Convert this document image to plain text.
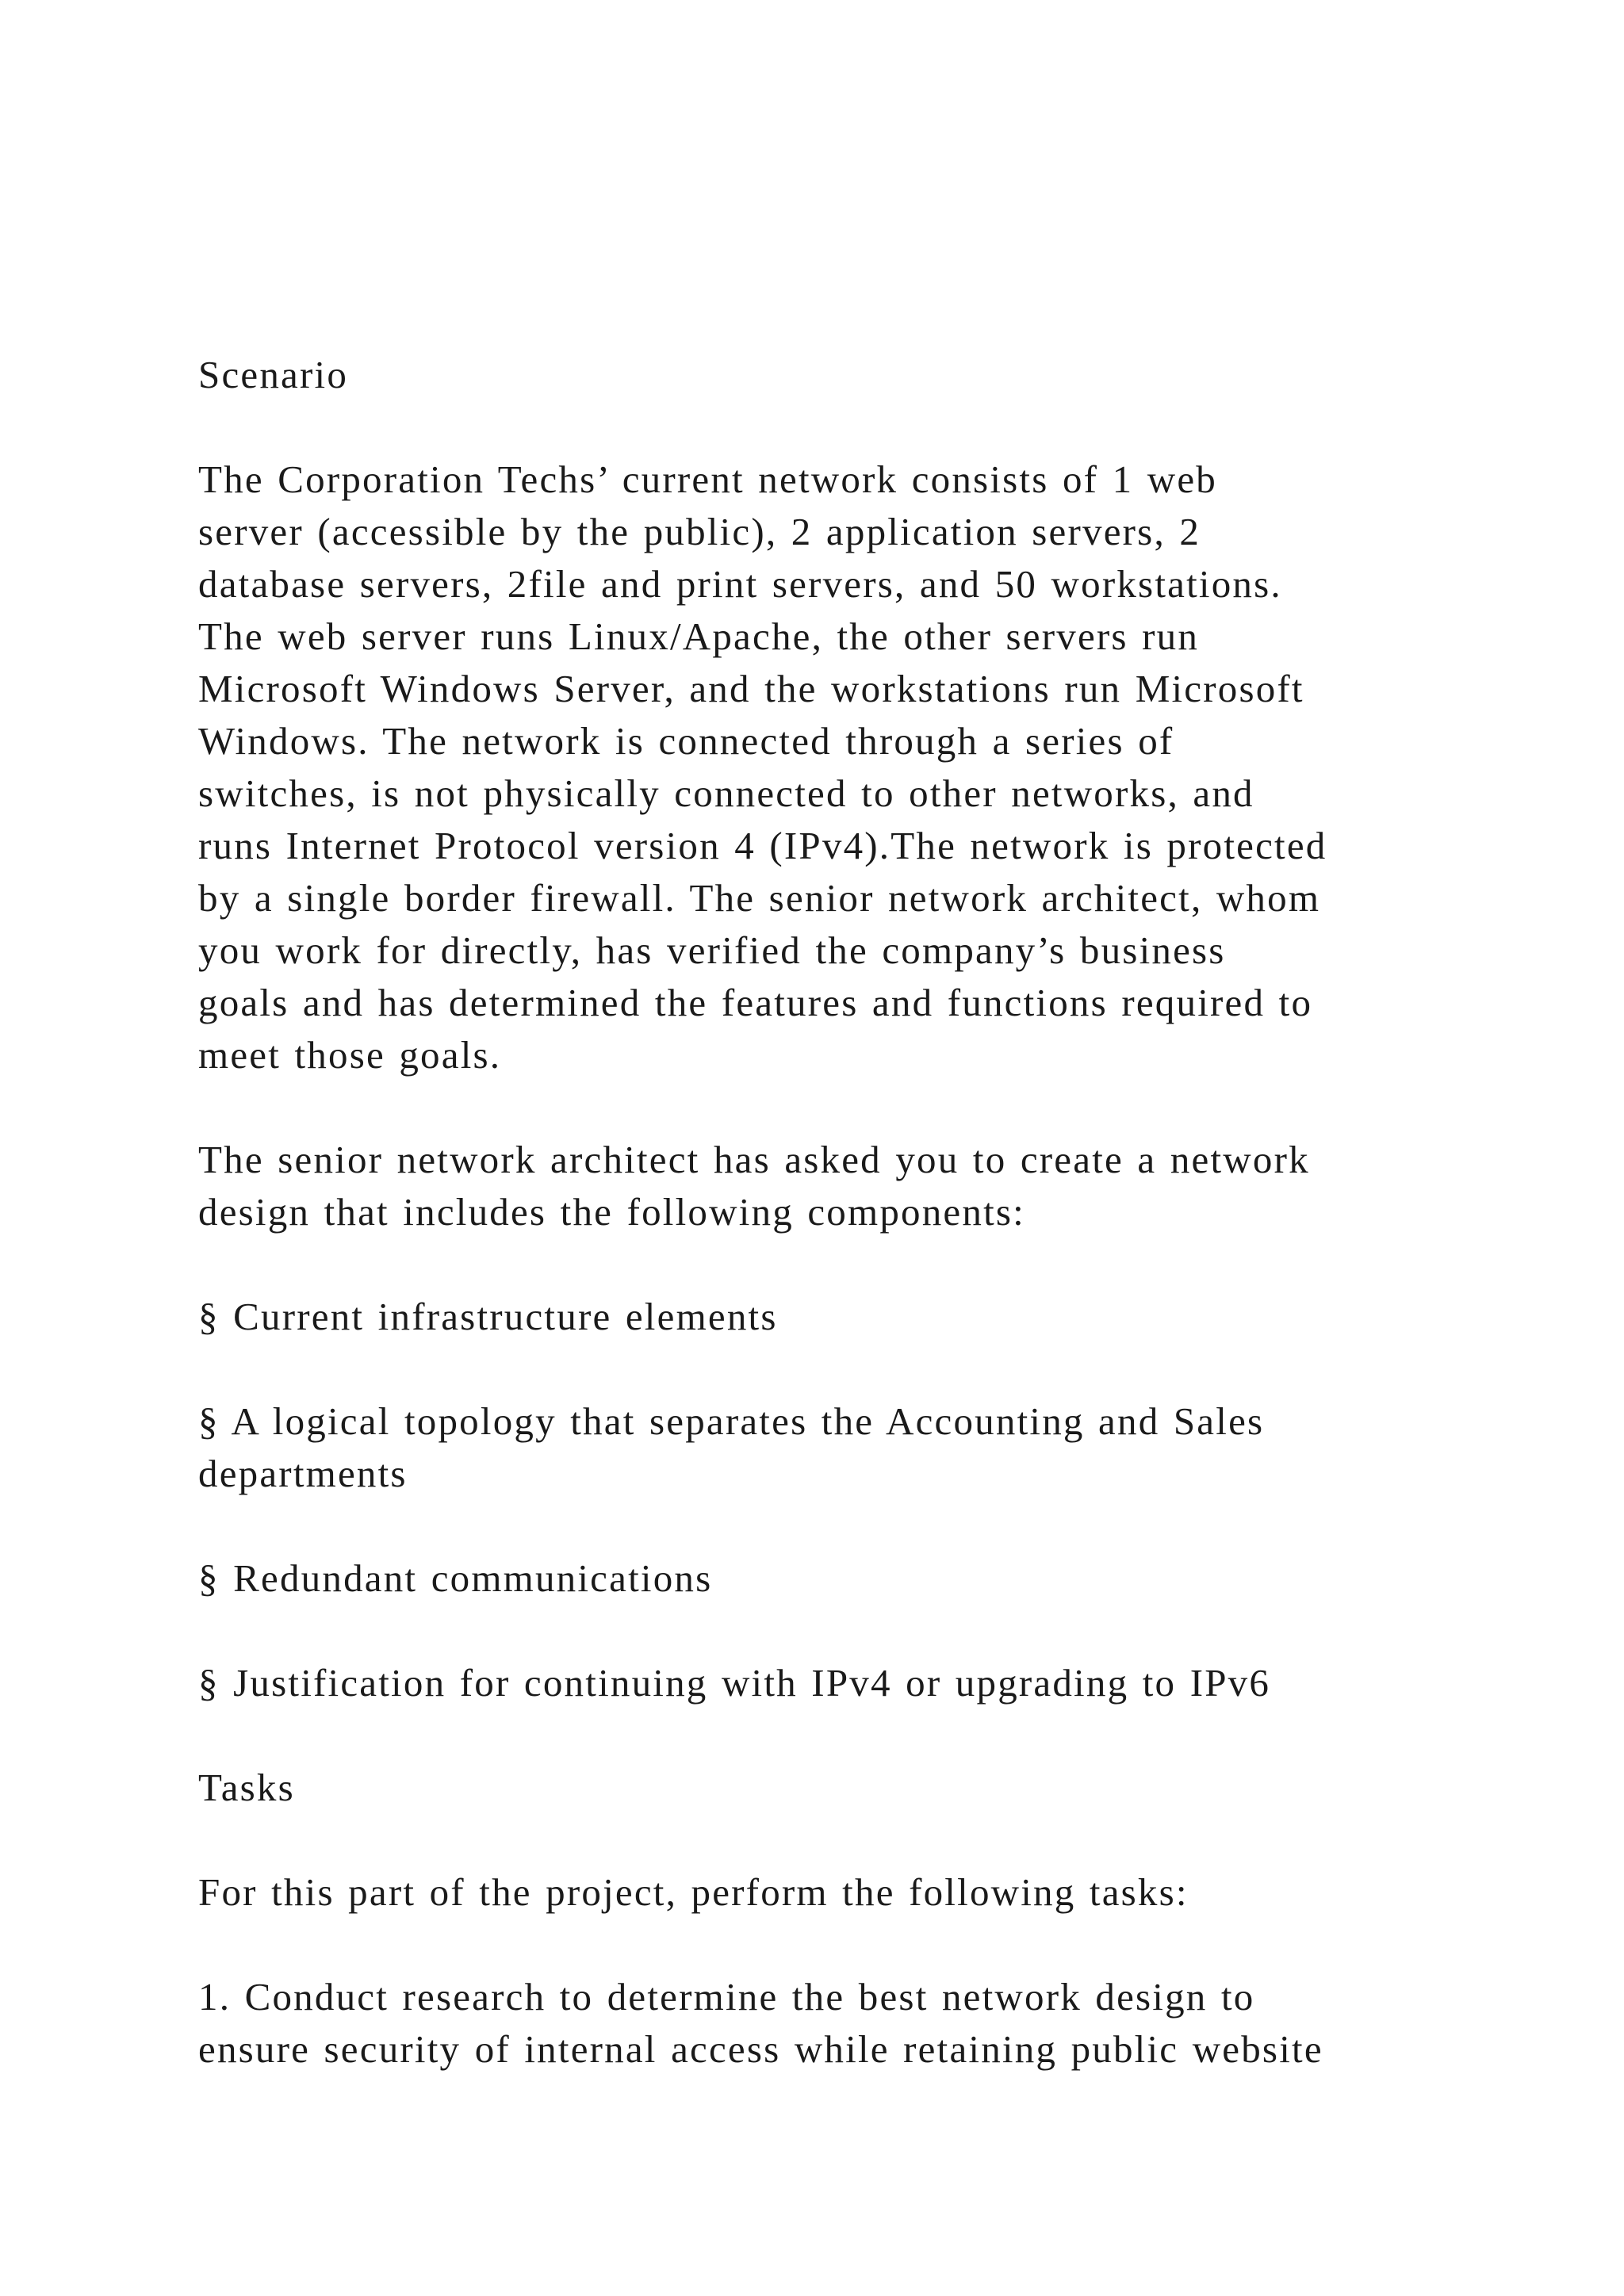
Scenario

The Corporation Techs’ current network consists of 1 web
server (accessible by the public), 2 application servers, 2
database servers, 2file and print servers, and 50 workstations.
The web server runs Linux/Apache, the other servers run
Microsoft Windows Server, and the workstations run Microsoft
Windows. The network is connected through a series of
switches, is not physically connected to other networks, and
runs Internet Protocol version 4 (IPv4).The network is protected
by a single border firewall. The senior network architect, whom
you work for directly, has verified the company’s business
goals and has determined the features and functions required to
meet those goals.

The senior network architect has asked you to create a network
design that includes the following components:

§ Current infrastructure elements

§ A logical topology that separates the Accounting and Sales
departments

§ Redundant communications

§ Justification for continuing with IPv4 or upgrading to IPv6

Tasks

For this part of the project, perform the following tasks:

1. Conduct research to determine the best network design to
ensure security of internal access while retaining public website
